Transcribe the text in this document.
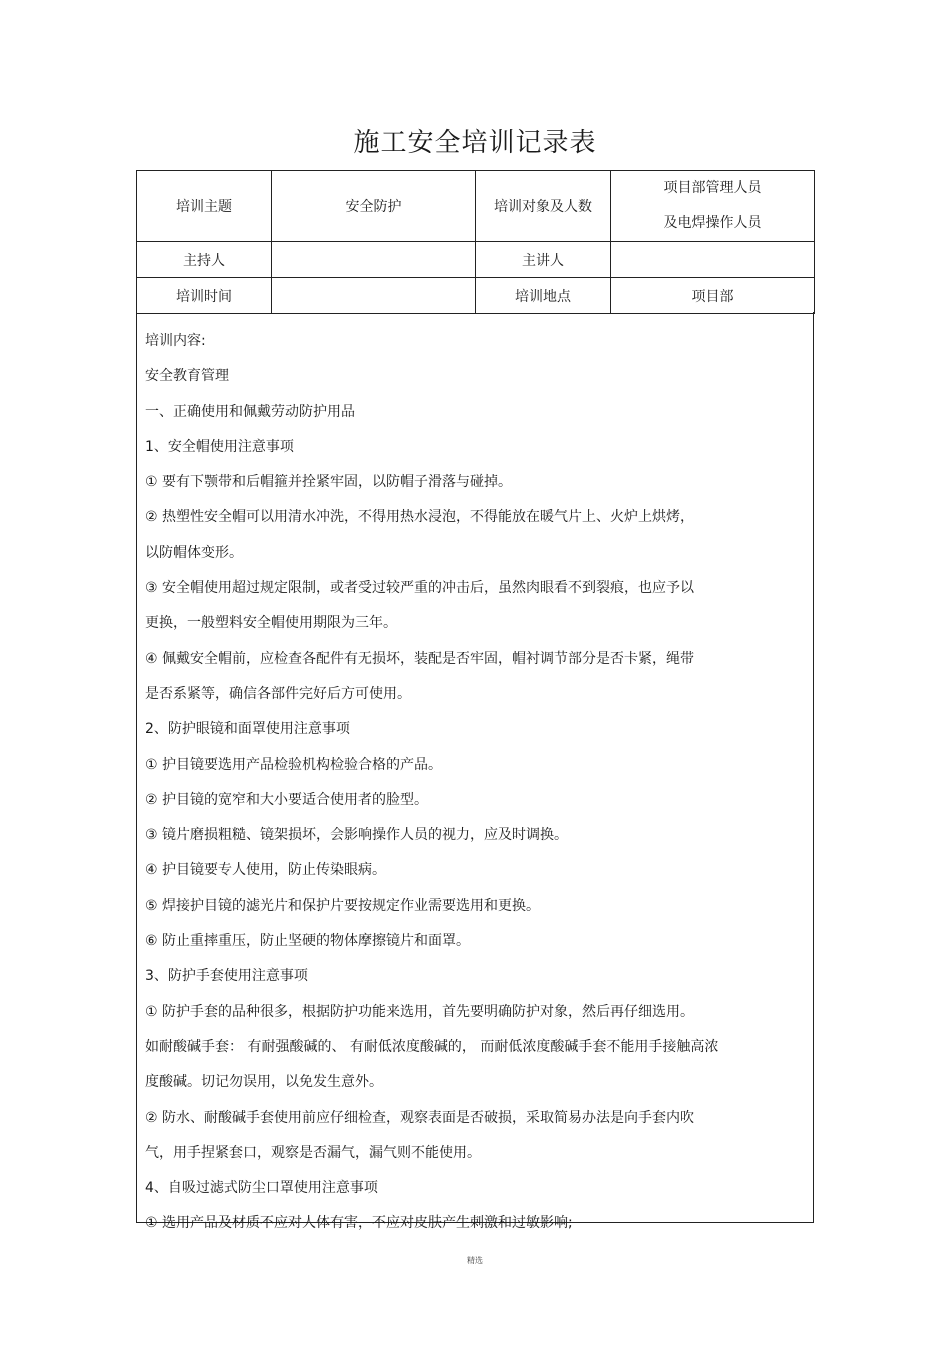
施工安全培训记录表
培训主题	安全防护	培训对象及人数	项目部管理人员
及电焊操作人员

主持人		主讲人	
培训时间		培训地点	项目部
培训内容:
安全教育管理
一、正确使用和佩戴劳动防护用品
1、安全帽使用注意事项
① 要有下颚带和后帽箍并拴紧牢固，以防帽子滑落与碰掉。
② 热塑性安全帽可以用清水冲洗，不得用热水浸泡，不得能放在暖气片上、火炉上烘烤，
以防帽体变形。
③ 安全帽使用超过规定限制，或者受过较严重的冲击后，虽然肉眼看不到裂痕，也应予以
更换，一般塑料安全帽使用期限为三年。
④ 佩戴安全帽前，应检查各配件有无损坏，装配是否牢固，帽衬调节部分是否卡紧，绳带
是否系紧等，确信各部件完好后方可使用。
2、防护眼镜和面罩使用注意事项
① 护目镜要选用产品检验机构检验合格的产品。
② 护目镜的宽窄和大小要适合使用者的脸型。
③ 镜片磨损粗糙、镜架损坏，会影响操作人员的视力，应及时调换。
④ 护目镜要专人使用，防止传染眼病。
⑤ 焊接护目镜的滤光片和保护片要按规定作业需要选用和更换。
⑥ 防止重摔重压，防止坚硬的物体摩擦镜片和面罩。
3、防护手套使用注意事项
① 防护手套的品种很多，根据防护功能来选用，首先要明确防护对象，然后再仔细选用。
如耐酸碱手套： 有耐强酸碱的、 有耐低浓度酸碱的， 而耐低浓度酸碱手套不能用手接触高浓
度酸碱。切记勿误用，以免发生意外。
② 防水、耐酸碱手套使用前应仔细检查，观察表面是否破损，采取简易办法是向手套内吹
气，用手捏紧套口，观察是否漏气，漏气则不能使用。
4、自吸过滤式防尘口罩使用注意事项
① 选用产品及材质不应对人体有害，不应对皮肤产生刺激和过敏影响;
精选
